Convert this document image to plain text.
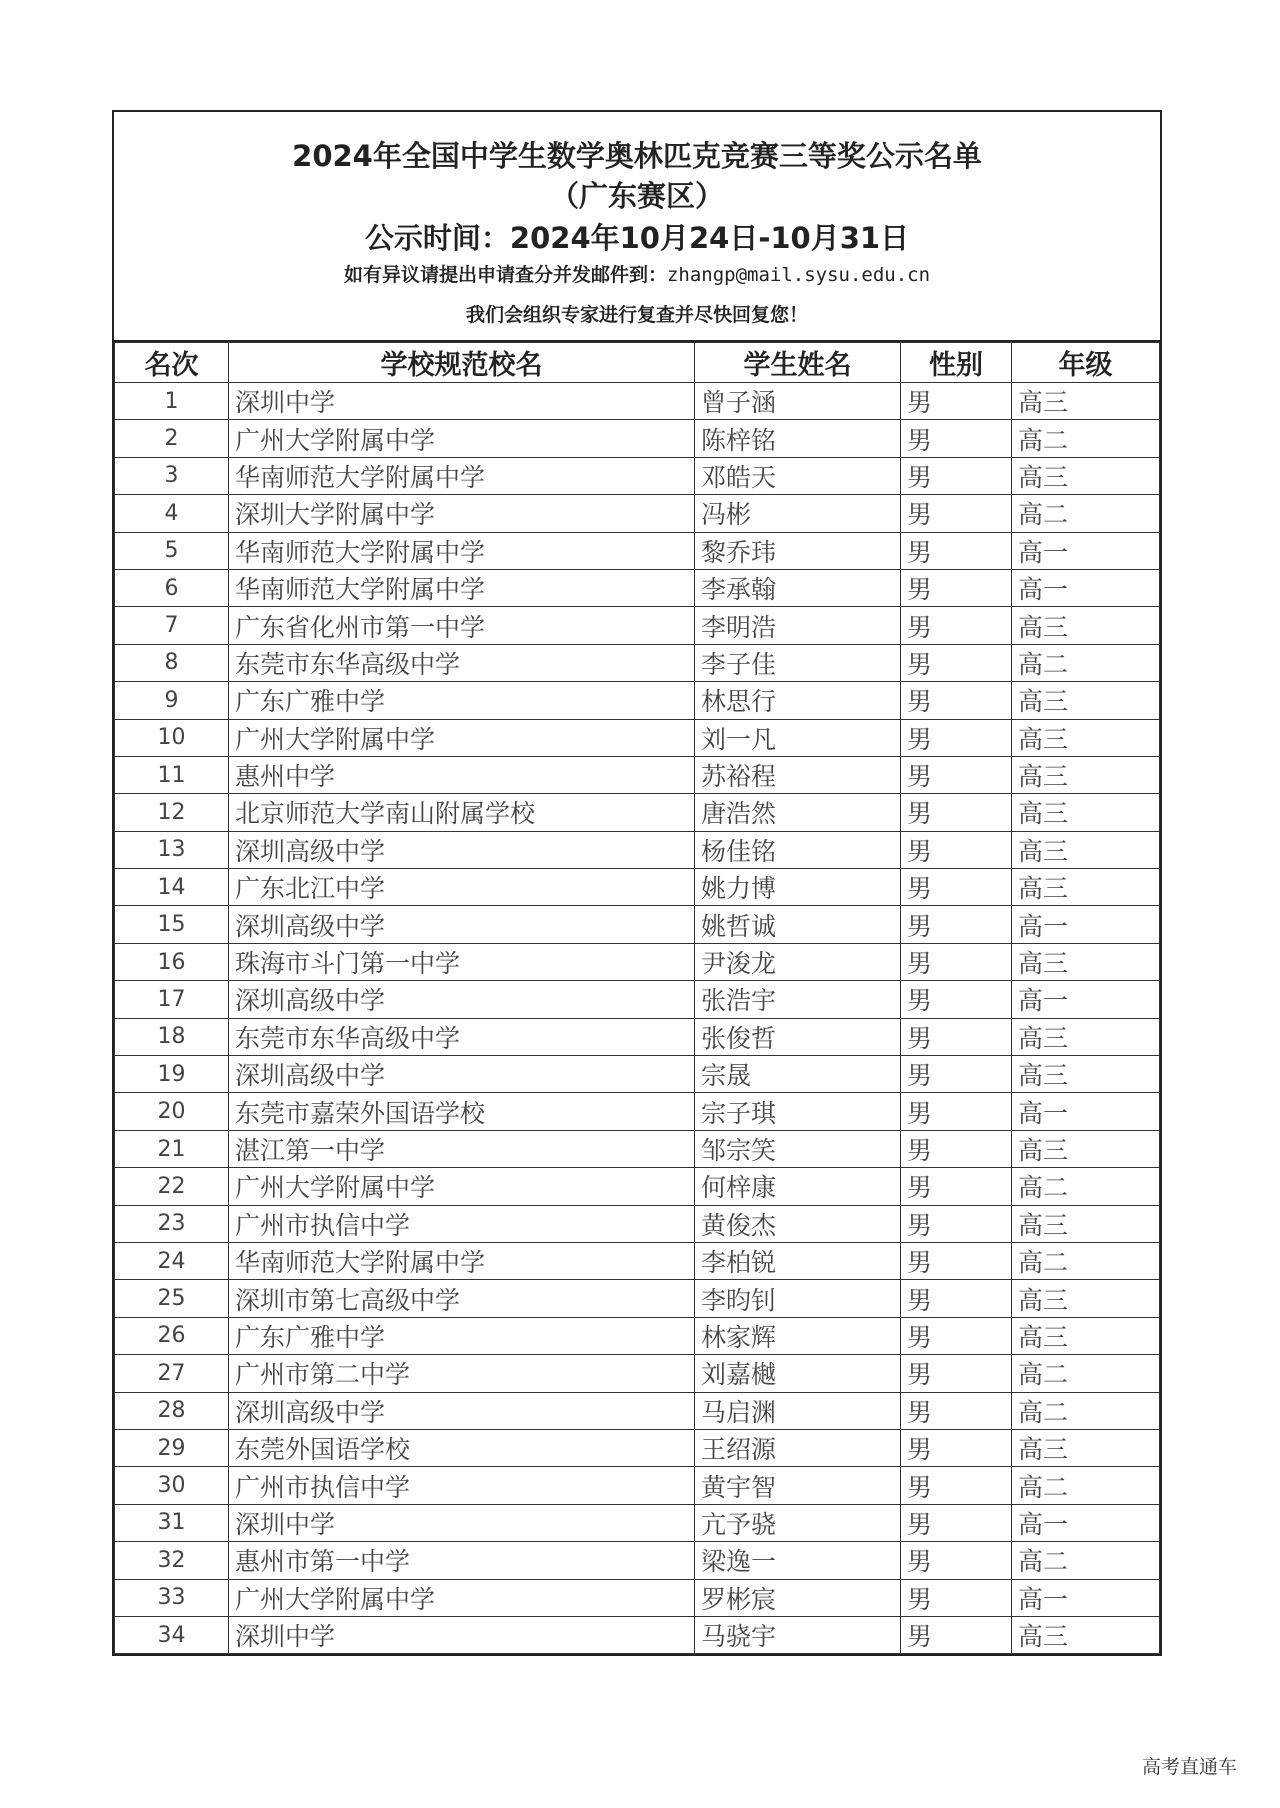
2024年全国中学生数学奥林匹克竞赛三等奖公示名单
（广东赛区）
公示时间：2024年10月24日-10月31日
如有异议请提出申请查分并发邮件到：zhangp@mail.sysu.edu.cn
我们会组织专家进行复查并尽快回复您！
名次	学校规范校名	学生姓名	性别	年级
1	深圳中学	曾子涵	男	高三
2	广州大学附属中学	陈梓铭	男	高二
3	华南师范大学附属中学	邓皓天	男	高三
4	深圳大学附属中学	冯彬	男	高二
5	华南师范大学附属中学	黎乔玮	男	高一
6	华南师范大学附属中学	李承翰	男	高一
7	广东省化州市第一中学	李明浩	男	高三
8	东莞市东华高级中学	李子佳	男	高二
9	广东广雅中学	林思行	男	高三
10	广州大学附属中学	刘一凡	男	高三
11	惠州中学	苏裕程	男	高三
12	北京师范大学南山附属学校	唐浩然	男	高三
13	深圳高级中学	杨佳铭	男	高三
14	广东北江中学	姚力博	男	高三
15	深圳高级中学	姚哲诚	男	高一
16	珠海市斗门第一中学	尹浚龙	男	高三
17	深圳高级中学	张浩宇	男	高一
18	东莞市东华高级中学	张俊哲	男	高三
19	深圳高级中学	宗晟	男	高三
20	东莞市嘉荣外国语学校	宗子琪	男	高一
21	湛江第一中学	邹宗笑	男	高三
22	广州大学附属中学	何梓康	男	高二
23	广州市执信中学	黄俊杰	男	高三
24	华南师范大学附属中学	李柏锐	男	高二
25	深圳市第七高级中学	李昀钊	男	高三
26	广东广雅中学	林家辉	男	高三
27	广州市第二中学	刘嘉樾	男	高二
28	深圳高级中学	马启渊	男	高二
29	东莞外国语学校	王绍源	男	高三
30	广州市执信中学	黄宇智	男	高二
31	深圳中学	亢予骁	男	高一
32	惠州市第一中学	梁逸一	男	高二
33	广州大学附属中学	罗彬宸	男	高一
34	深圳中学	马骁宇	男	高三
高考直通车
